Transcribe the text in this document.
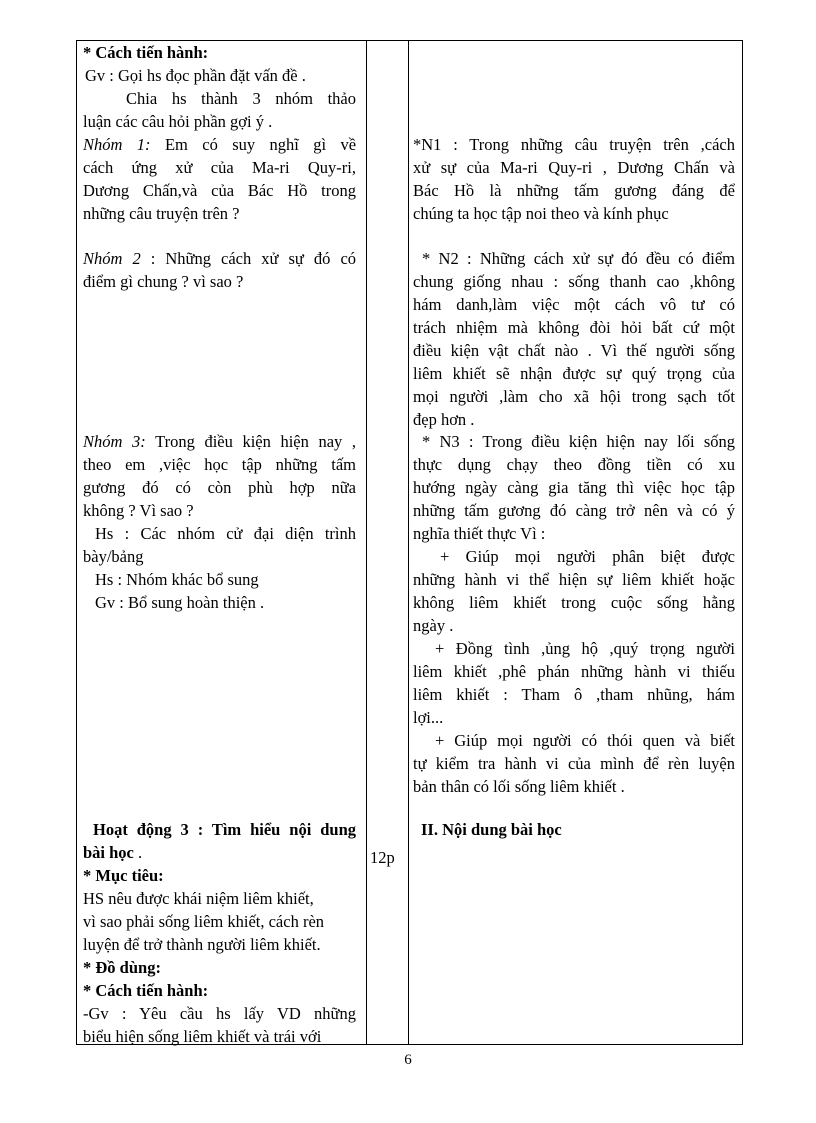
* Cách tiến hành:
Gv : Gọi hs đọc phần đặt vấn đề .
Chia hs thành 3 nhóm thảo
luận các câu hỏi phần gợi ý .
Nhóm 1: Em có suy nghĩ gì về
cách ứng xử của Ma-ri Quy-ri,
Dương Chấn,và của Bác Hồ trong
những câu truyện trên ?
Nhóm 2 : Những cách xử sự đó có
điểm gì chung ? vì sao ?
Nhóm 3: Trong điều kiện hiện nay ,
theo em ,việc học tập những tấm
gương đó có còn phù hợp nữa
không ? Vì sao ?
Hs : Các nhóm cử đại diện trình
bày/bảng
Hs : Nhóm khác bổ sung
Gv : Bổ sung hoàn thiện .
Hoạt động 3 : Tìm hiểu nội dung
bài học .
* Mục tiêu:
HS nêu được khái niệm liêm khiết,
vì sao phải sống liêm khiết, cách rèn
luyện để trở thành người liêm khiết.
* Đồ dùng:
* Cách tiến hành:
-Gv : Yêu cầu hs lấy VD những
biểu hiện sống liêm khiết và trái với
12p
*N1 : Trong những câu truyện trên ,cách
xử sự của Ma-ri Quy-ri , Dương Chấn và
Bác Hồ là những tấm gương đáng để
chúng ta học tập noi theo và kính phục
* N2 : Những cách xử sự đó đều có điểm
chung giống nhau : sống thanh cao ,không
hám danh,làm việc một cách vô tư có
trách nhiệm mà không đòi hỏi bất cứ một
điều kiện vật chất nào . Vì thế người sống
liêm khiết sẽ nhận được sự quý trọng của
mọi người ,làm cho xã hội trong sạch tốt
đẹp hơn .
* N3 : Trong điều kiện hiện nay lối sống
thực dụng chạy theo đồng tiền có xu
hướng ngày càng gia tăng thì việc học tập
những tấm gương đó càng trở nên và có ý
nghĩa thiết thực Vì :
+ Giúp mọi người phân biệt được
những hành vi thể hiện sự liêm khiết hoặc
không liêm khiết trong cuộc sống hằng
ngày .
+ Đồng tình ,ủng hộ ,quý trọng người
liêm khiết ,phê phán những hành vi thiếu
liêm khiết : Tham ô ,tham nhũng, hám
lợi...
+ Giúp mọi người có thói quen và biết
tự kiểm tra hành vi của mình để rèn luyện
bản thân có lối sống liêm khiết .
II. Nội dung bài học
6
